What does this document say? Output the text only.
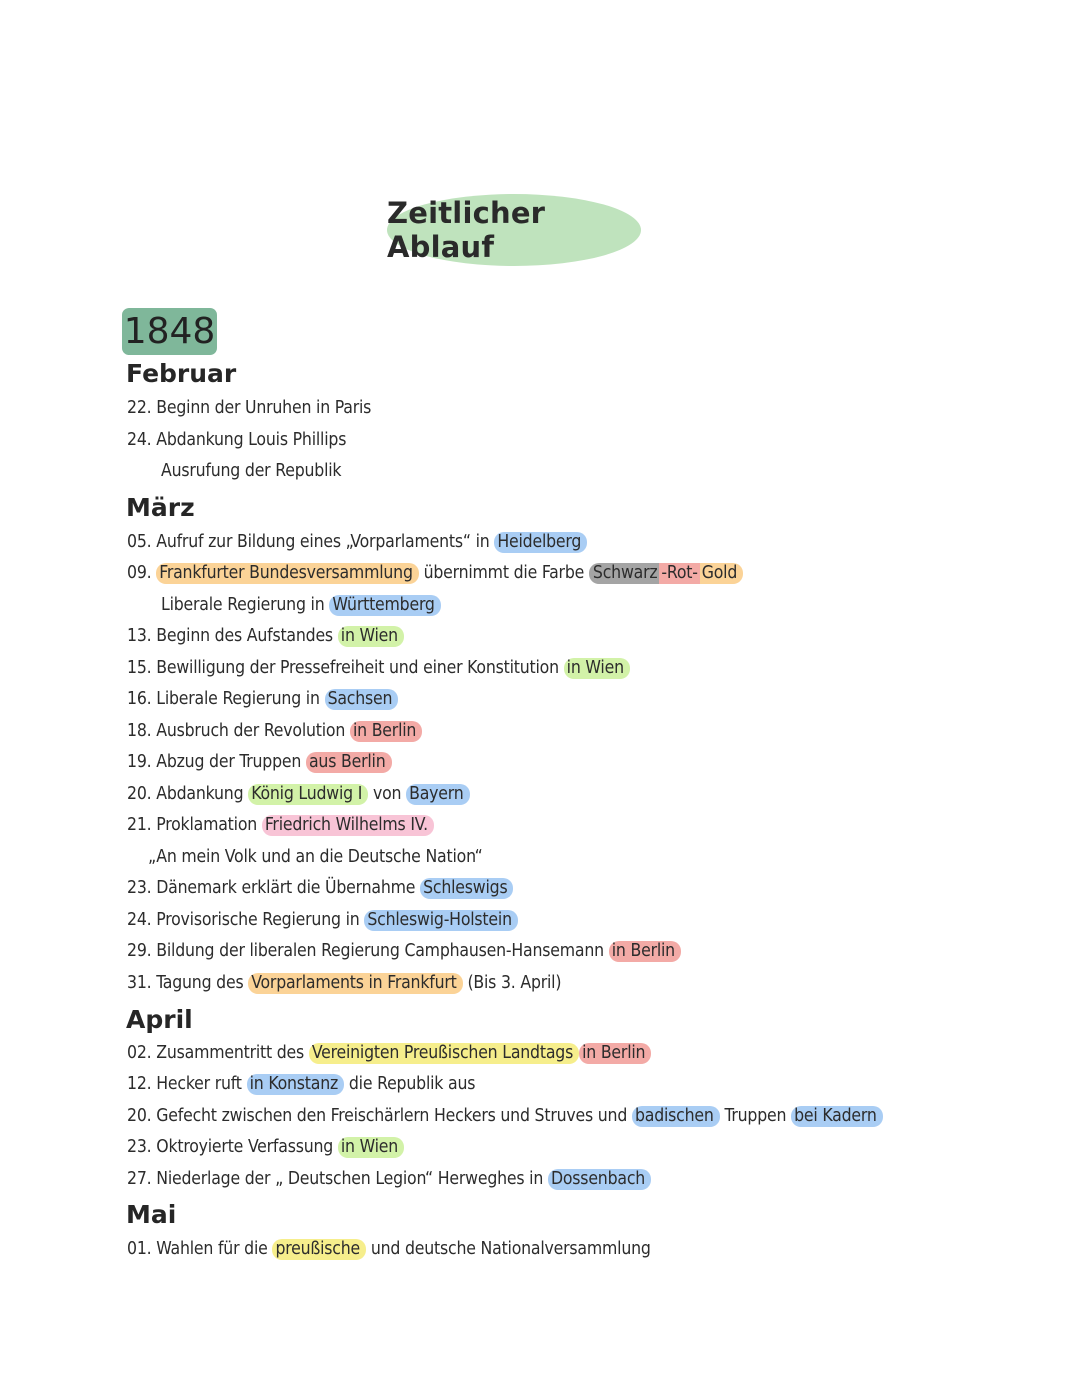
Zeitlicher Ablauf
1848
Februar
22. Beginn der Unruhen in Paris
24. Abdankung Louis Phillips
Ausrufung der Republik
März
05. Aufruf zur Bildung eines „Vorparlaments“ in Heidelberg
09. Frankfurter Bundesversammlung übernimmt die Farbe Schwarz -Rot- Gold
Liberale Regierung in Württemberg
13. Beginn des Aufstandes in Wien
15. Bewilligung der Pressefreiheit und einer Konstitution in Wien
16. Liberale Regierung in Sachsen
18. Ausbruch der Revolution in Berlin
19. Abzug der Truppen aus Berlin
20. Abdankung König Ludwig I von Bayern
21. Proklamation Friedrich Wilhelms IV.
„An mein Volk und an die Deutsche Nation“
23. Dänemark erklärt die Übernahme Schleswigs
24. Provisorische Regierung in Schleswig-Holstein
29. Bildung der liberalen Regierung Camphausen-Hansemann in Berlin
31. Tagung des Vorparlaments in Frankfurt (Bis 3. April)
April
02. Zusammentritt des Vereinigten Preußischen Landtags in Berlin
12. Hecker ruft in Konstanz die Republik aus
20. Gefecht zwischen den Freischärlern Heckers und Struves und badischen Truppen bei Kadern
23. Oktroyierte Verfassung in Wien
27. Niederlage der „ Deutschen Legion“ Herweghes in Dossenbach
Mai
01. Wahlen für die preußische und deutsche Nationalversammlung
